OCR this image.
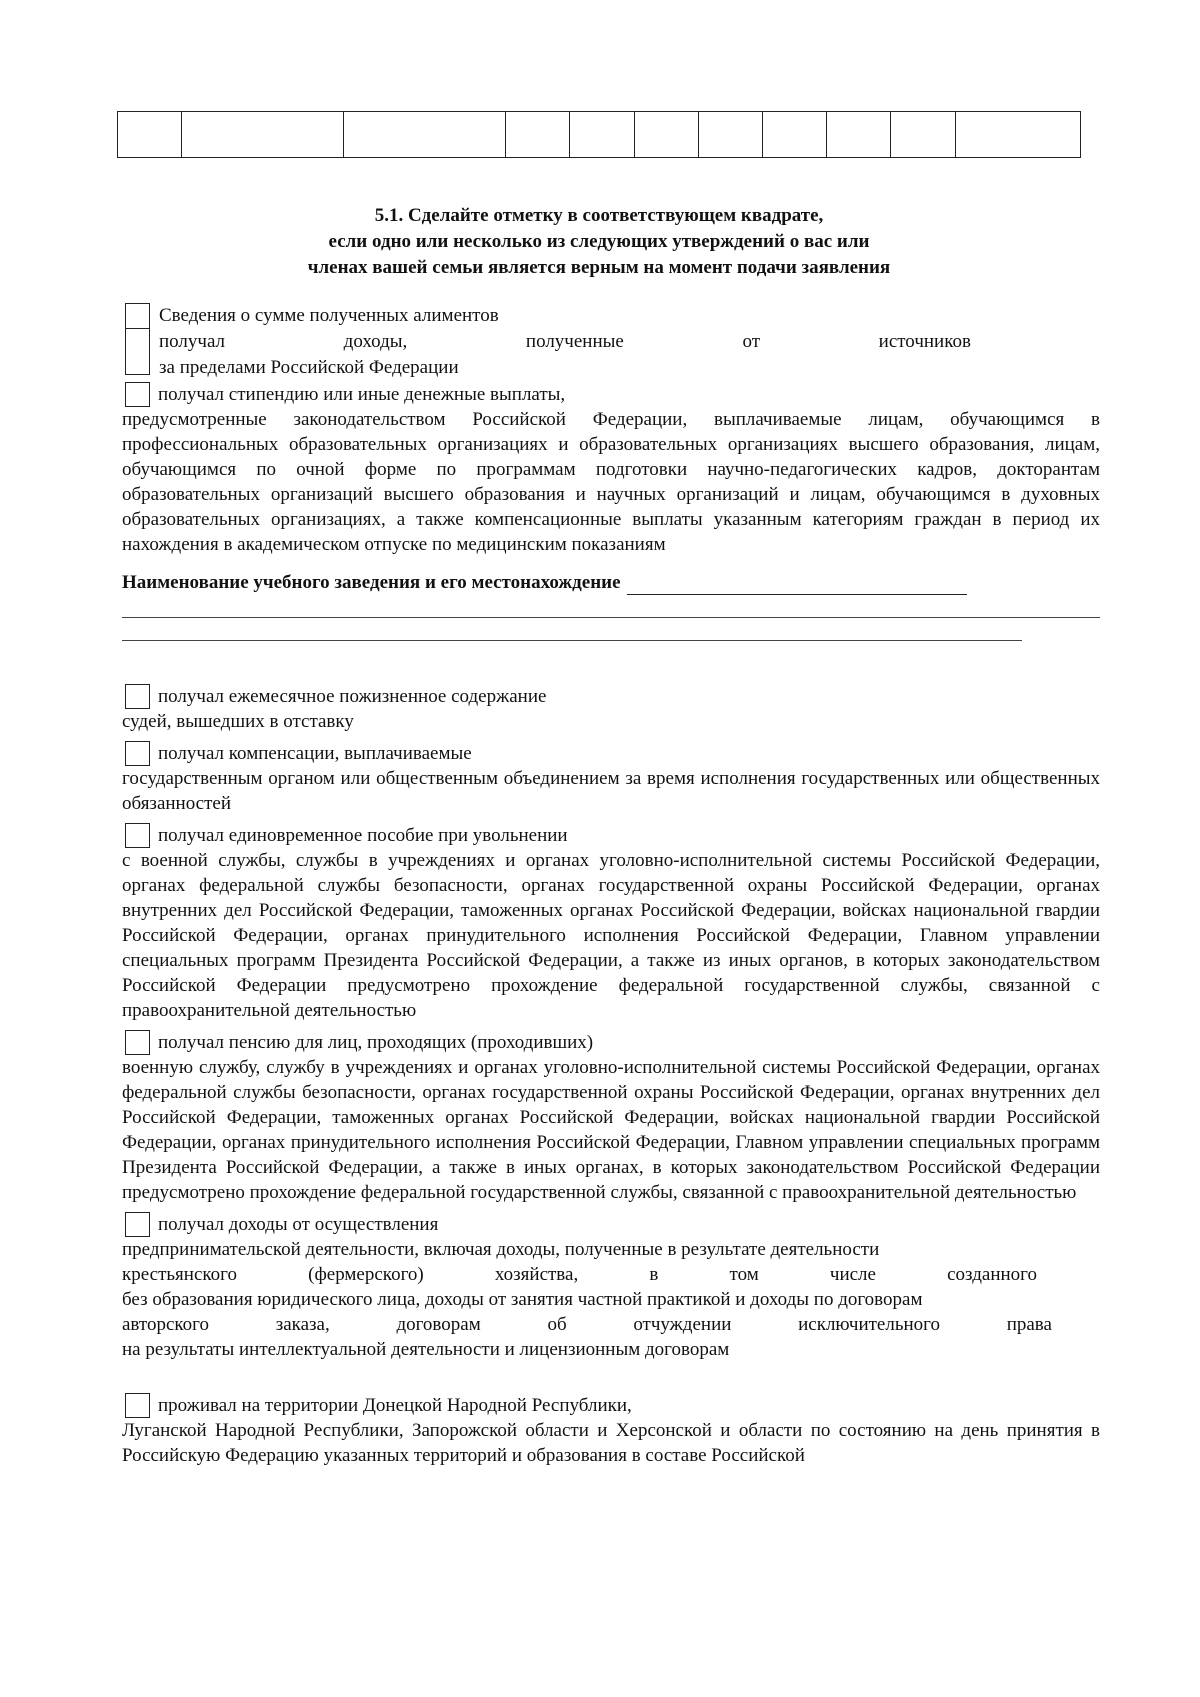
5.1. Сделайте отметку в соответствующем квадрате,
если одно или несколько из следующих утверждений о вас или
членах вашей семьи является верным на момент подачи заявления
Сведения о сумме полученных алиментов
получал	доходы,	полученные	от	источников
за пределами Российской Федерации
получал стипендию или иные денежные выплаты,
предусмотренные законодательством Российской Федерации, выплачиваемые лицам, обучающимся в профессиональных образовательных организациях и образовательных организациях высшего образования, лицам, обучающимся по очной форме по программам подготовки научно-педагогических кадров, докторантам образовательных организаций высшего образования и научных организаций и лицам, обучающимся в духовных образовательных организациях, а также компенсационные выплаты указанным категориям граждан в период их нахождения в академическом отпуске по медицинским показаниям
Наименование учебного заведения и его местонахождение
получал ежемесячное пожизненное содержание
судей, вышедших в отставку
получал компенсации, выплачиваемые
государственным органом или общественным объединением за время исполнения государственных или общественных обязанностей
получал единовременное пособие при увольнении
с военной службы, службы в учреждениях и органах уголовно-исполнительной системы Российской Федерации, органах федеральной службы безопасности, органах государственной охраны Российской Федерации, органах внутренних дел Российской Федерации, таможенных органах Российской Федерации, войсках национальной гвардии Российской Федерации, органах принудительного исполнения Российской Федерации, Главном управлении специальных программ Президента Российской Федерации, а также из иных органов, в которых законодательством Российской Федерации предусмотрено прохождение федеральной государственной службы, связанной с правоохранительной деятельностью
получал пенсию для лиц, проходящих (проходивших)
военную службу, службу в учреждениях и органах уголовно-исполнительной системы Российской Федерации, органах федеральной службы безопасности, органах государственной охраны Российской Федерации, органах внутренних дел Российской Федерации, таможенных органах Российской Федерации, войсках национальной гвардии Российской Федерации, органах принудительного исполнения Российской Федерации, Главном управлении специальных программ Президента Российской Федерации, а также в иных органах, в которых законодательством Российской Федерации предусмотрено прохождение федеральной государственной службы, связанной с правоохранительной деятельностью
получал доходы от осуществления
предпринимательской деятельности, включая доходы, полученные в результате деятельности
крестьянского	(фермерского)	хозяйства,	в	том	числе	созданного
без образования юридического лица, доходы от занятия частной практикой и доходы по договорам
авторского	заказа,	договорам	об	отчуждении	исключительного	права
на результаты интеллектуальной деятельности и лицензионным договорам
проживал на территории Донецкой Народной Республики,
Луганской Народной Республики, Запорожской области и Херсонской и области по состоянию на день принятия в Российскую Федерацию указанных территорий и образования в составе Российской
